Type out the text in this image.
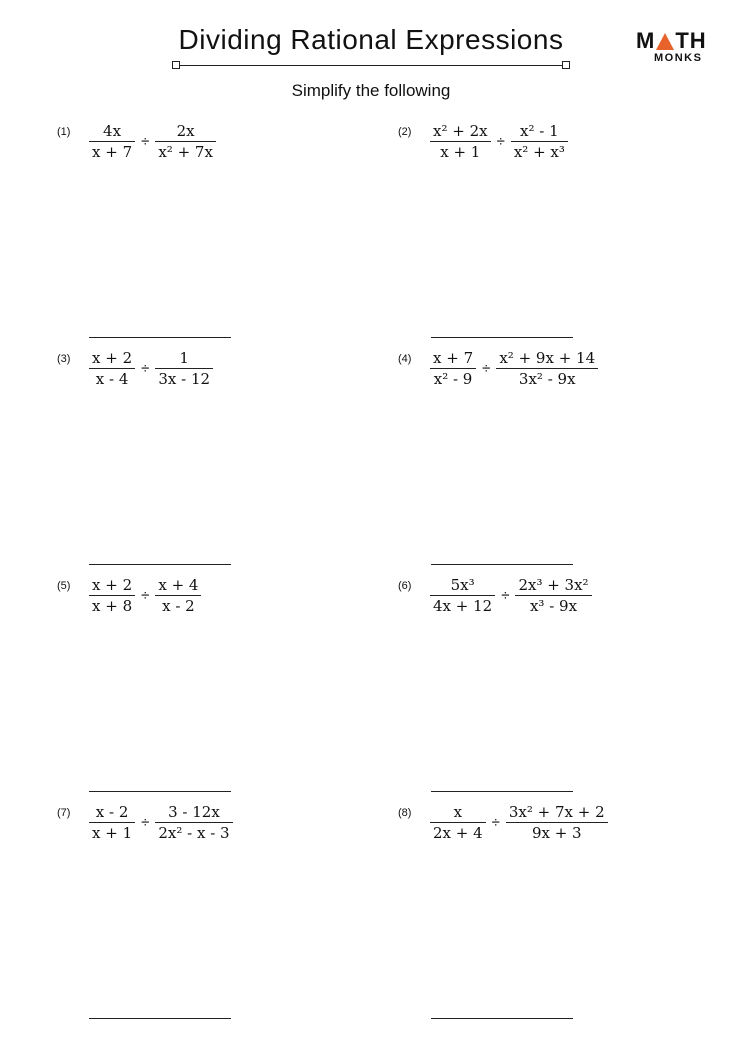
Dividing Rational Expressions	M TH
MONKS
Simplify the following
(1)	$\frac{4x}{x + 7} \div \frac{2x}{\text{x² + 7x}}$	(2)	$\frac{\text{x² + 2x}}{x + 1} \div \frac{\text{x² - 1}}{\text{x² + x³}}$
(3)	$\frac{x + 2}{x - 4} \div \frac{1}{3x - 12}$	(4)	$\frac{x + 7}{\text{x² - 9}} \div \frac{\text{x² + 9x + 14}}{\text{3x² - 9x}}$
(5)	$\frac{x + 2}{x + 8} \div \frac{x + 4}{x - 2}$	(6)	$\frac{\text{5x³}}{4x + 12} \div \frac{\text{2x³ + 3x²}}{\text{x³ - 9x}}$
(7)	$\frac{x - 2}{x + 1} \div \frac{3 - 12x}{\text{2x² - x - 3}}$	(8)	$\frac{x}{2x + 4} \div \frac{\text{3x² + 7x + 2}}{9x + 3}$
